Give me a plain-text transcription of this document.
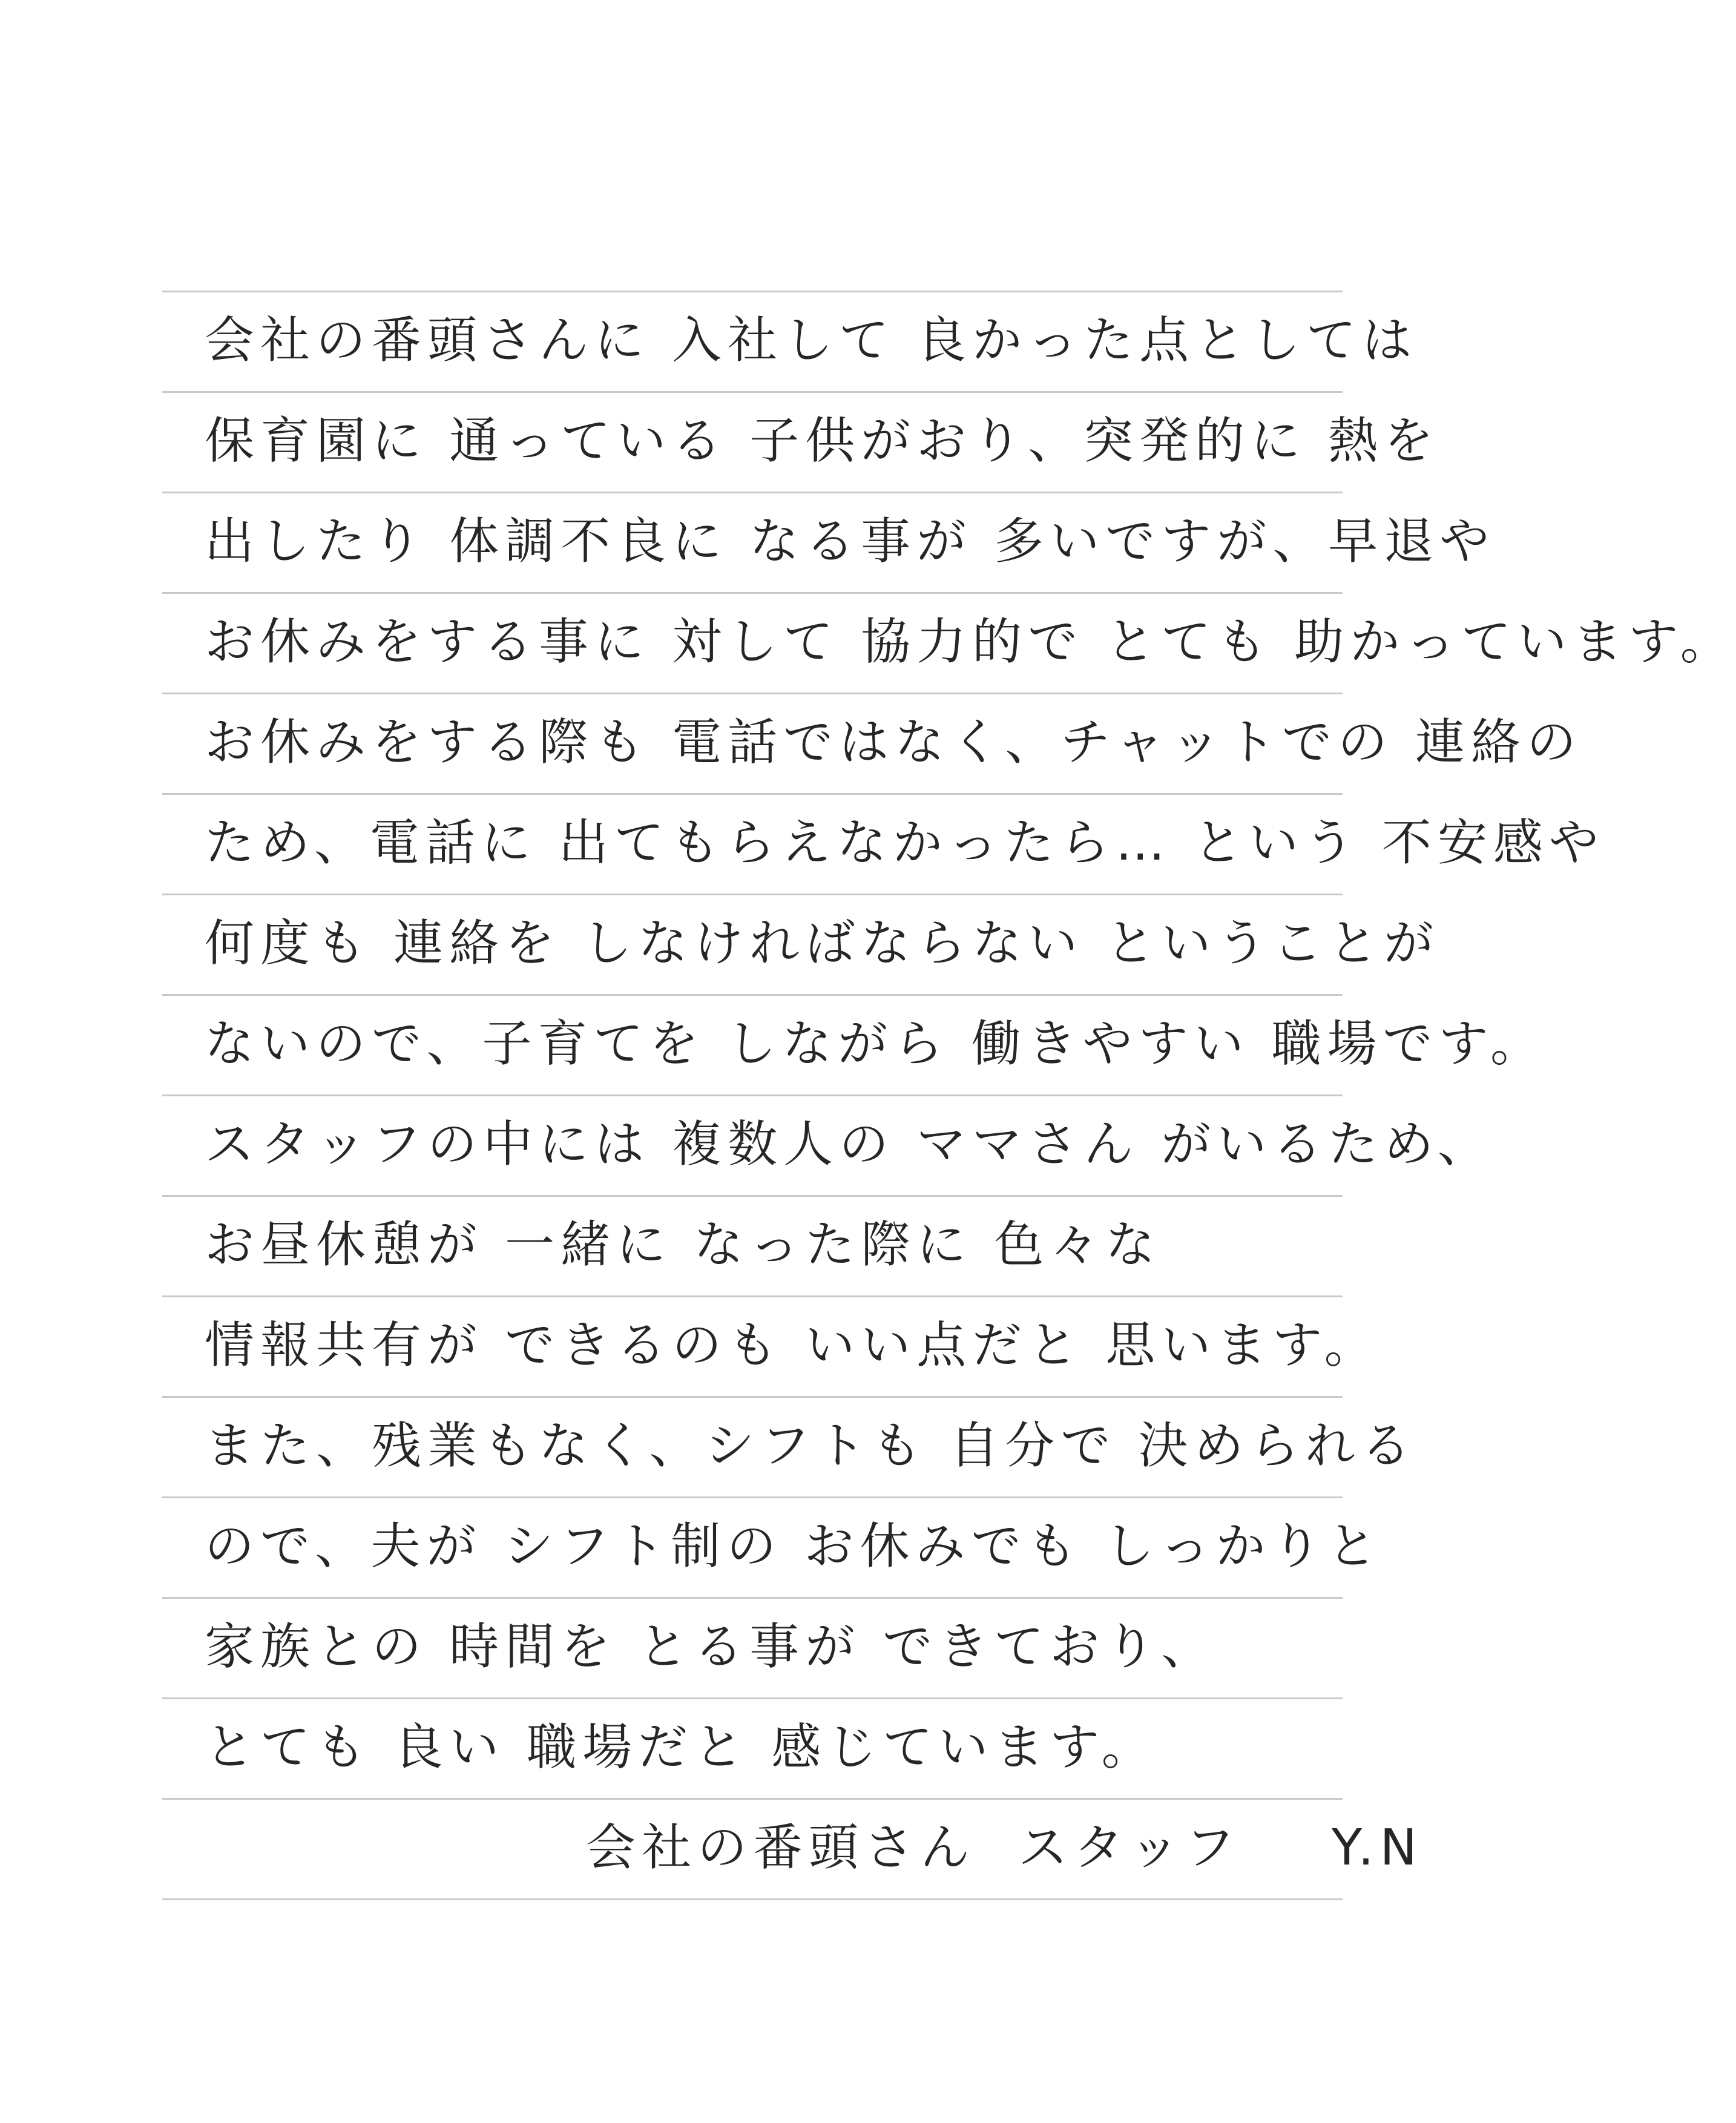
会社の番頭さんに 入社して 良かった点としては
保育園に 通っている 子供がおり、突発的に 熱を
出したり 体調不良に なる事が 多いですが、早退や
お休みをする事に 対して 協力的で とても 助かっています。
お休みをする際も 電話ではなく、チャットでの 連絡の
ため、電話に 出てもらえなかったら… という 不安感や
何度も 連絡を しなければならない ということが
ないので、子育てを しながら 働きやすい 職場です。
スタッフの中には 複数人の ママさん がいるため、
お昼休憩が 一緒に なった際に 色々な
情報共有が できるのも いい点だと 思います。
また、残業もなく、シフトも 自分で 決められる
ので、夫が シフト制の お休みでも しっかりと
家族との 時間を とる事が できており、
とても 良い 職場だと 感じています。
会社の番頭さん スタッフ Y.N
